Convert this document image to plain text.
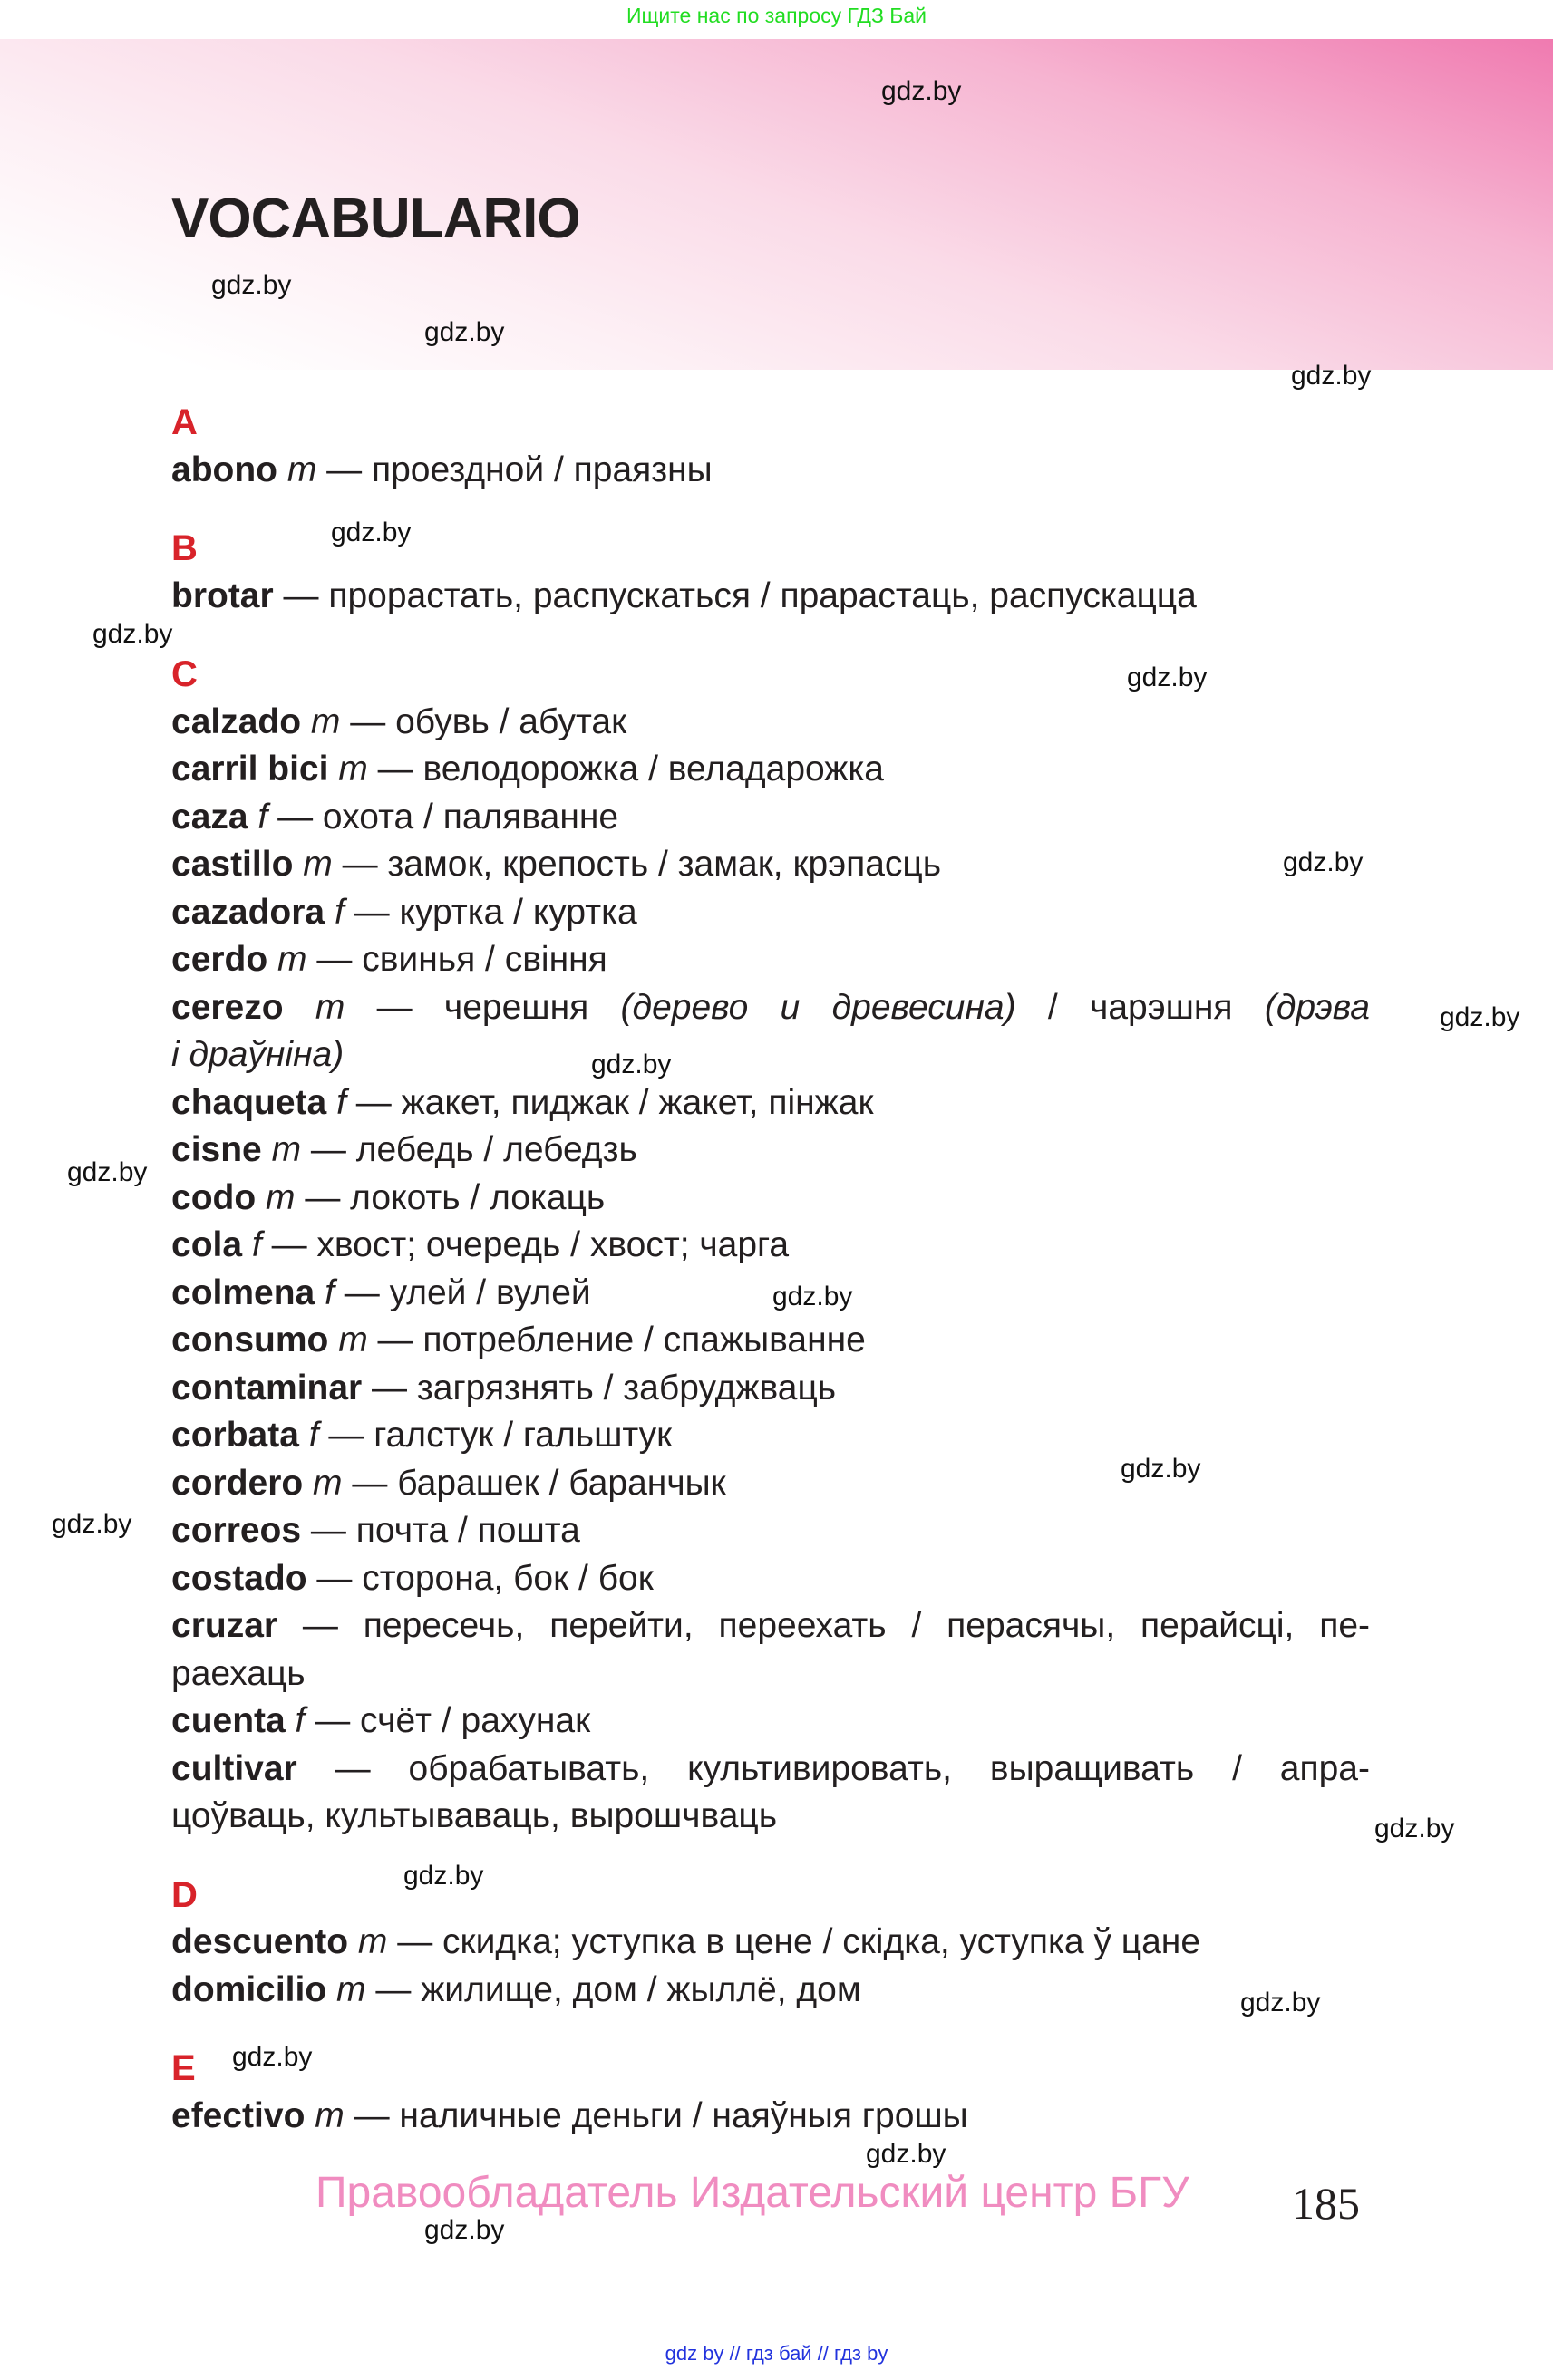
Ищите нас по запросу ГДЗ Бай
VOCABULARIO
A
abono m — проездной / праязны
B
brotar — прорастать, распускаться / прарастаць, распускацца
C
calzado m — обувь / абутак
carril bici m — велодорожка / веладарожка
caza f — охота / паляванне
castillo m — замок, крепость / замак, крэпасць
cazadora f — куртка / куртка
cerdo m — свинья / свіння
cerezo m — черешня (дерево и древесина) / чарэшня (дрэва
і драўніна)
chaqueta f — жакет, пиджак / жакет, пінжак
cisne m — лебедь / лебедзь
codo m — локоть / локаць
cola f — хвост; очередь / хвост; чарга
colmena f — улей / вулей
consumo m — потребление / спажыванне
contaminar — загрязнять / забруджваць
corbata f — галстук / гальштук
cordero m — барашек / баранчык
correos — почта / пошта
costado — сторона, бок / бок
cruzar — пересечь, перейти, переехать / перасячы, перайсці, пе-
раехаць
cuenta f — счёт / рахунак
cultivar — обрабатывать, культивировать, выращивать / апра-
цоўваць, культываваць, вырошчваць
D
descuento m — скидка; уступка в цене / скідка, уступка ў цане
domicilio m — жилище, дом / жыллё, дом
E
efectivo m — наличные деньги / наяўныя грошы
gdz.by
gdz.by
gdz.by
gdz.by
gdz.by
gdz.by
gdz.by
gdz.by
gdz.by
gdz.by
gdz.by
gdz.by
gdz.by
gdz.by
gdz.by
gdz.by
gdz.by
gdz.by
gdz.by
gdz.by
Правообладатель Издательский центр БГУ 185
gdz by // гдз бай // гдз by
